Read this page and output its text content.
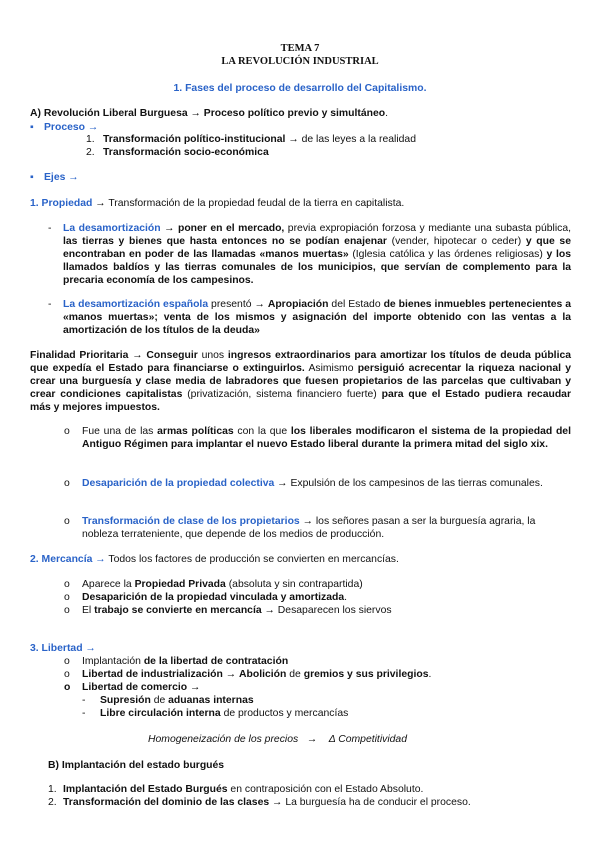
TEMA 7
LA REVOLUCIÓN INDUSTRIAL
1. Fases del proceso de desarrollo del Capitalismo.
A) Revolución Liberal Burguesa → Proceso político previo y simultáneo.
▪ Proceso →
1. Transformación político-institucional → de las leyes a la realidad
2. Transformación socio-económica
▪ Ejes →
1. Propiedad → Transformación de la propiedad feudal de la tierra en capitalista.
- La desamortización → poner en el mercado, previa expropiación forzosa y mediante una subasta pública, las tierras y bienes que hasta entonces no se podían enajenar (vender, hipotecar o ceder) y que se encontraban en poder de las llamadas «manos muertas» (Iglesia católica y las órdenes religiosas) y los llamados baldíos y las tierras comunales de los municipios, que servían de complemento para la precaria economía de los campesinos.
- La desamortización española presentó → Apropiación del Estado de bienes inmuebles pertenecientes a «manos muertas»; venta de los mismos y asignación del importe obtenido con las ventas a la amortización de los títulos de la deuda»
Finalidad Prioritaria → Conseguir unos ingresos extraordinarios para amortizar los títulos de deuda pública que expedía el Estado para financiarse o extinguirlos. Asimismo persiguió acrecentar la riqueza nacional y crear una burguesía y clase media de labradores que fuesen propietarios de las parcelas que cultivaban y crear condiciones capitalistas (privatización, sistema financiero fuerte) para que el Estado pudiera recaudar más y mejores impuestos.
o Fue una de las armas políticas con la que los liberales modificaron el sistema de la propiedad del Antiguo Régimen para implantar el nuevo Estado liberal durante la primera mitad del siglo xix.
o Desaparición de la propiedad colectiva → Expulsión de los campesinos de las tierras comunales.
o Transformación de clase de los propietarios → los señores pasan a ser la burguesía agraria, la nobleza terrateniente, que depende de los medios de producción.
2. Mercancía → Todos los factores de producción se convierten en mercancías.
o Aparece la Propiedad Privada (absoluta y sin contrapartida)
o Desaparición de la propiedad vinculada y amortizada.
o El trabajo se convierte en mercancía → Desaparecen los siervos
3. Libertad →
o Implantación de la libertad de contratación
o Libertad de industrialización → Abolición de gremios y sus privilegios.
o Libertad de comercio →
- Supresión de aduanas internas
- Libre circulación interna de productos y mercancías
Homogeneización de los precios   →    Δ Competitividad
B) Implantación del estado burgués
1. Implantación del Estado Burgués en contraposición con el Estado Absoluto.
2. Transformación del dominio de las clases → La burguesía ha de conducir el proceso.
